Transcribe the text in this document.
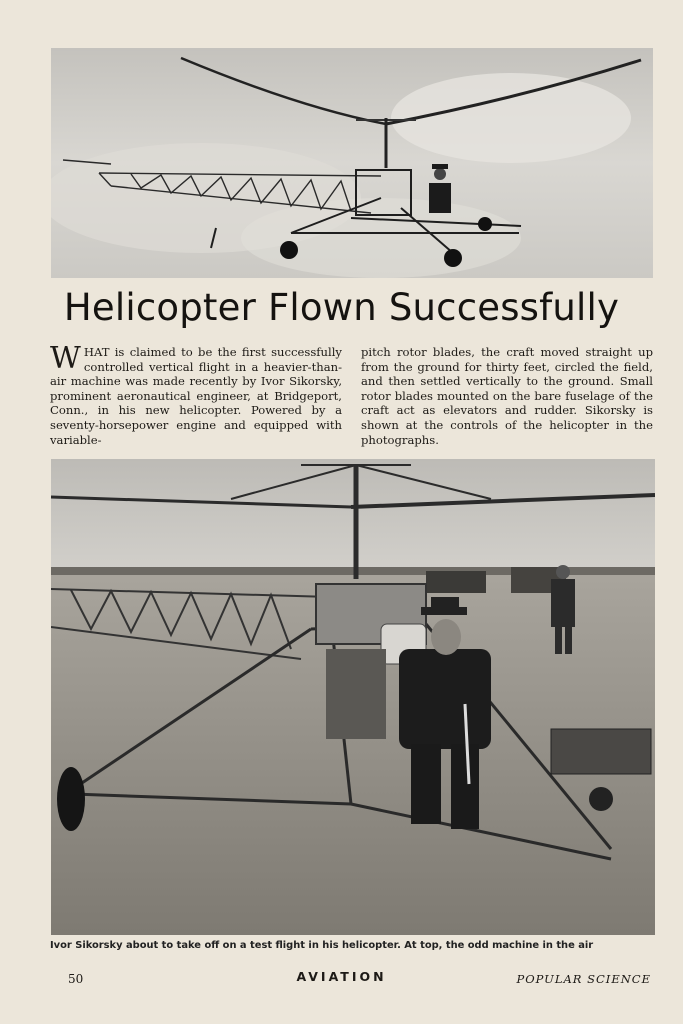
Helicopter Flown Successfully

WHAT is claimed to be the first successfully controlled vertical flight in a heavier-than-air machine was made recently by Ivor Sikorsky, prominent aeronautical engineer, at Bridgeport, Conn., in his new helicopter. Powered by a seventy-horsepower engine and equipped with variable-

pitch rotor blades, the craft moved straight up from the ground for thirty feet, circled the field, and then settled vertically to the ground. Small rotor blades mounted on the bare fuselage of the craft act as elevators and rudder. Sikorsky is shown at the controls of the helicopter in the photographs.

Ivor Sikorsky about to take off on a test flight in his helicopter. At top, the odd machine in the air

50	AVIATION	POPULAR SCIENCE
